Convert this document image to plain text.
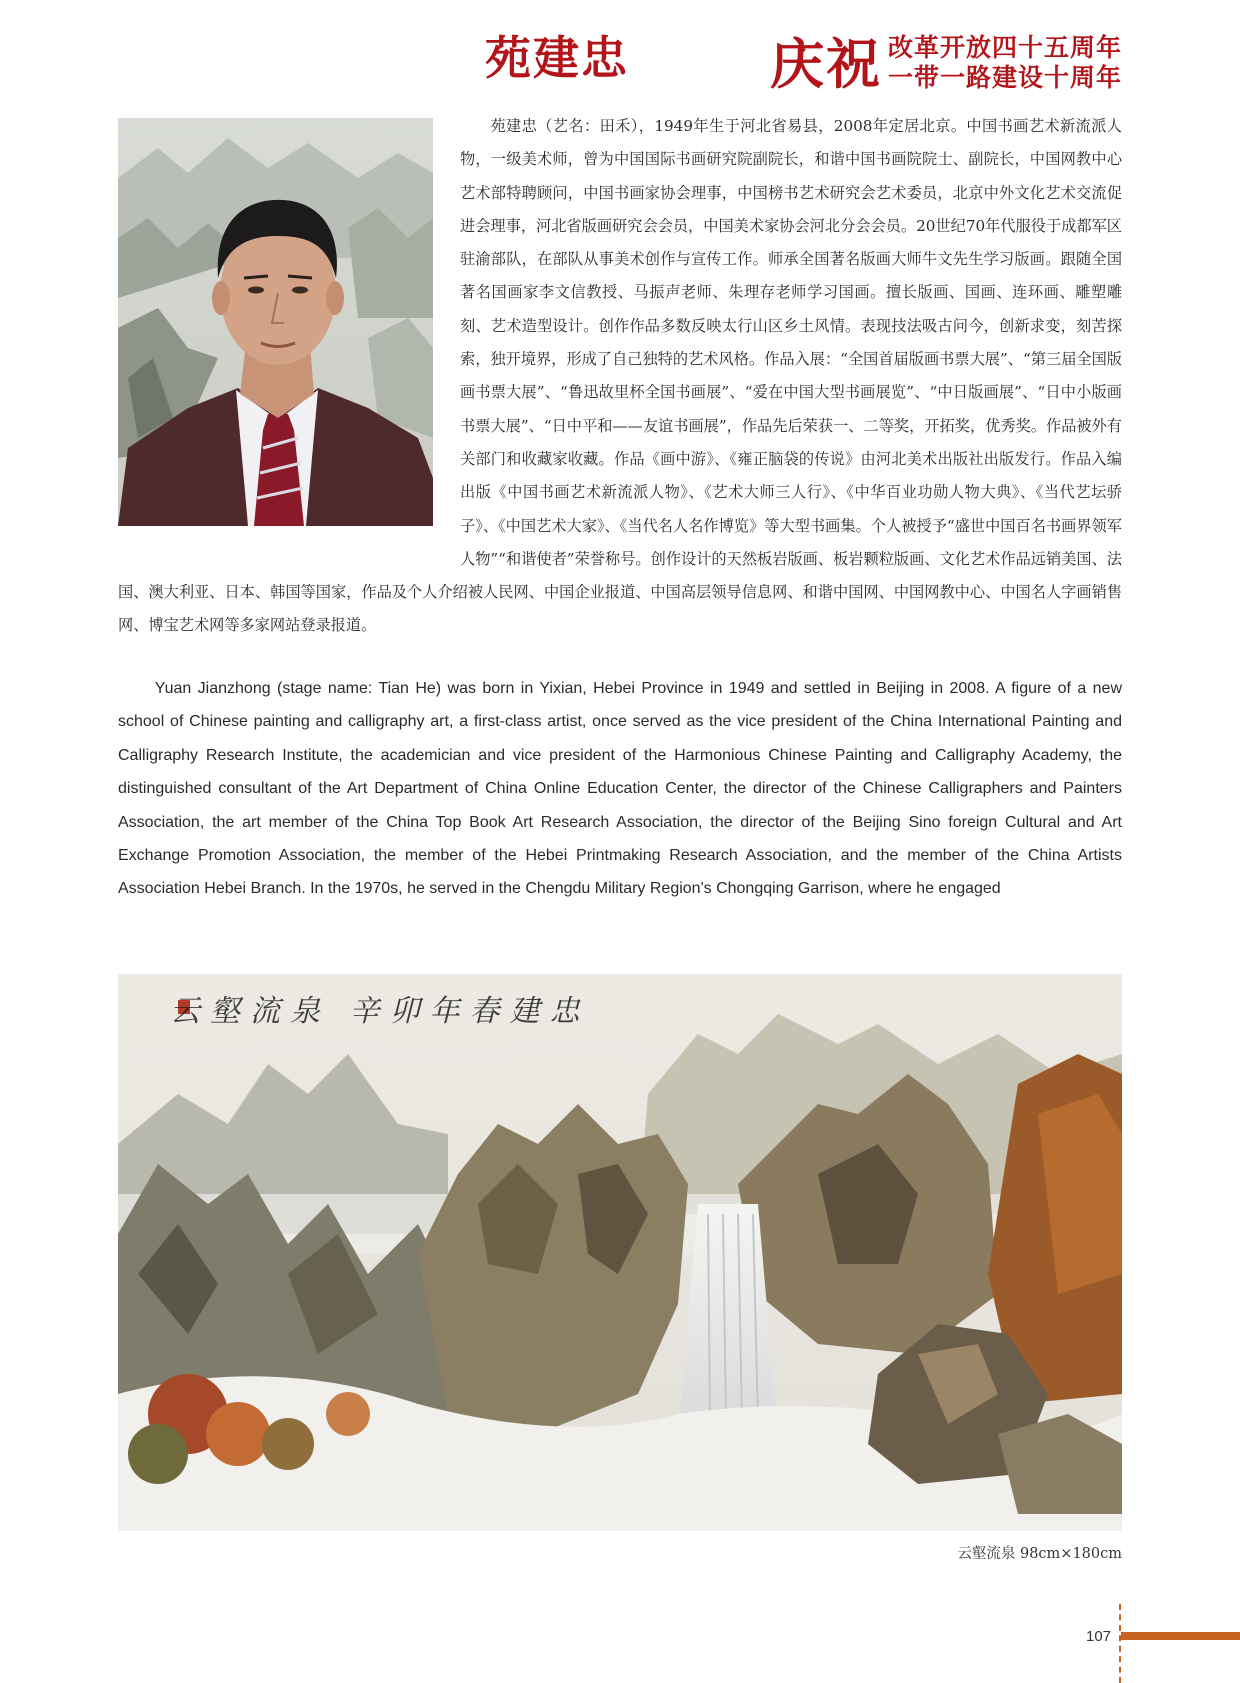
苑建忠	庆祝 改革开放四十五周年
一带一路建设十周年
苑建忠（艺名：田禾），1949年生于河北省易县，2008年定居北京。中国书画艺术新流派人物，一级美术师，曾为中国国际书画研究院副院长，和谐中国书画院院士、副院长，中国网教中心艺术部特聘顾问，中国书画家协会理事，中国榜书艺术研究会艺术委员，北京中外文化艺术交流促进会理事，河北省版画研究会会员，中国美术家协会河北分会会员。20世纪70年代服役于成都军区驻渝部队，在部队从事美术创作与宣传工作。师承全国著名版画大师牛文先生学习版画。跟随全国著名国画家李文信教授、马振声老师、朱理存老师学习国画。擅长版画、国画、连环画、雕塑雕刻、艺术造型设计。创作作品多数反映太行山区乡土风情。表现技法吸古问今，创新求变，刻苦探索，独开境界，形成了自己独特的艺术风格。作品入展：“全国首届版画书票大展”、“第三届全国版画书票大展”、“鲁迅故里杯全国书画展”、“爱在中国大型书画展览”、“中日版画展”、“日中小版画书票大展”、“日中平和——友谊书画展”，作品先后荣获一、二等奖，开拓奖，优秀奖。作品被外有关部门和收藏家收藏。作品《画中游》、《雍正脑袋的传说》由河北美术出版社出版发行。作品入编出版《中国书画艺术新流派人物》、《艺术大师三人行》、《中华百业功勋人物大典》、《当代艺坛骄子》、《中国艺术大家》、《当代名人名作博览》等大型书画集。个人被授予“盛世中国百名书画界领军人物”“和谐使者”荣誉称号。创作设计的天然板岩版画、板岩颗粒版画、文化艺术作品远销美国、法国、澳大利亚、日本、韩国等国家，作品及个人介绍被人民网、中国企业报道、中国高层领导信息网、和谐中国网、中国网教中心、中国名人字画销售网、博宝艺术网等多家网站登录报道。
Yuan Jianzhong (stage name: Tian He) was born in Yixian, Hebei Province in 1949 and settled in Beijing in 2008. A figure of a new school of Chinese painting and calligraphy art, a first-class artist, once served as the vice president of the China International Painting and Calligraphy Research Institute, the academician and vice president of the Harmonious Chinese Painting and Calligraphy Academy, the distinguished consultant of the Art Department of China Online Education Center, the director of the Chinese Calligraphers and Painters Association, the art member of the China Top Book Art Research Association, the director of the Beijing Sino foreign Cultural and Art Exchange Promotion Association, the member of the Hebei Printmaking Research Association, and the member of the China Artists Association Hebei Branch. In the 1970s, he served in the Chengdu Military Region's Chongqing Garrison, where he engaged
云壑流泉 辛卯年春建忠
云壑流泉 98cm×180cm
107
